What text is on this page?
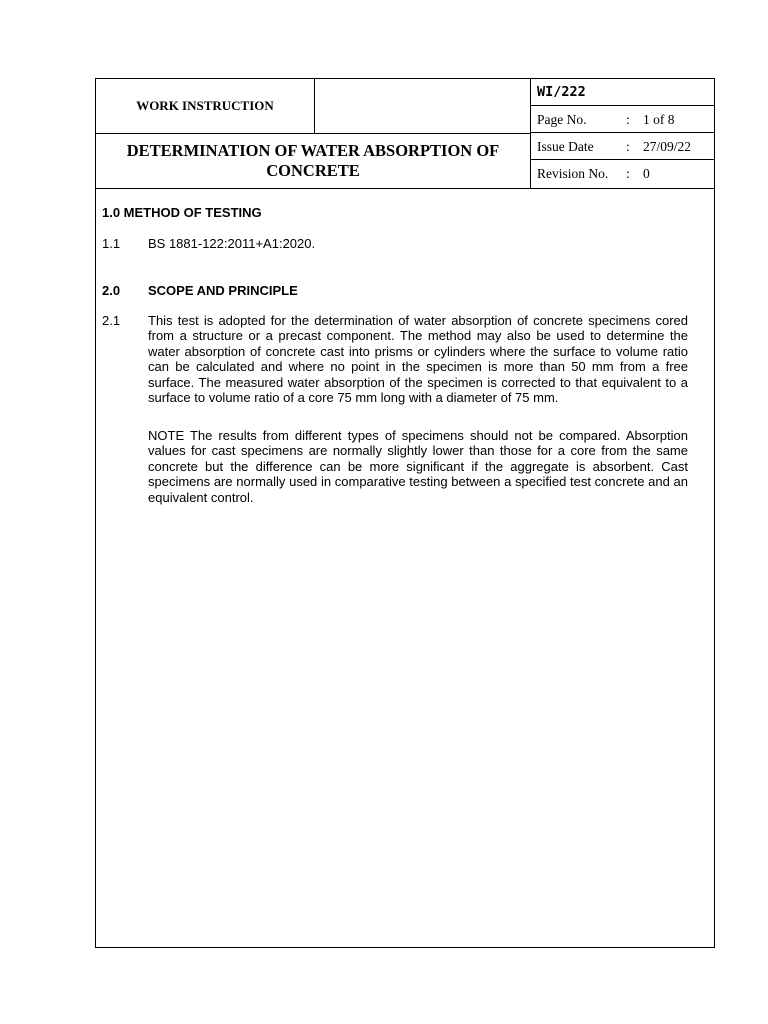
WORK INSTRUCTION
DETERMINATION OF WATER ABSORPTION OF CONCRETE
WI/222
Page No.	: 1 of 8
Issue Date : 27/09/22
Revision No. : 0
1.0 METHOD OF TESTING
1.1 BS 1881-122:2011+A1:2020.
2.0 SCOPE AND PRINCIPLE
2.1 This test is adopted for the determination of water absorption of concrete specimens cored from a structure or a precast component. The method may also be used to determine the water absorption of concrete cast into prisms or cylinders where the surface to volume ratio can be calculated and where no point in the specimen is more than 50 mm from a free surface. The measured water absorption of the specimen is corrected to that equivalent to a surface to volume ratio of a core 75 mm long with a diameter of 75 mm.

NOTE The results from different types of specimens should not be compared. Absorption values for cast specimens are normally slightly lower than those for a core from the same concrete but the difference can be more significant if the aggregate is absorbent. Cast specimens are normally used in comparative testing between a specified test concrete and an equivalent control.
